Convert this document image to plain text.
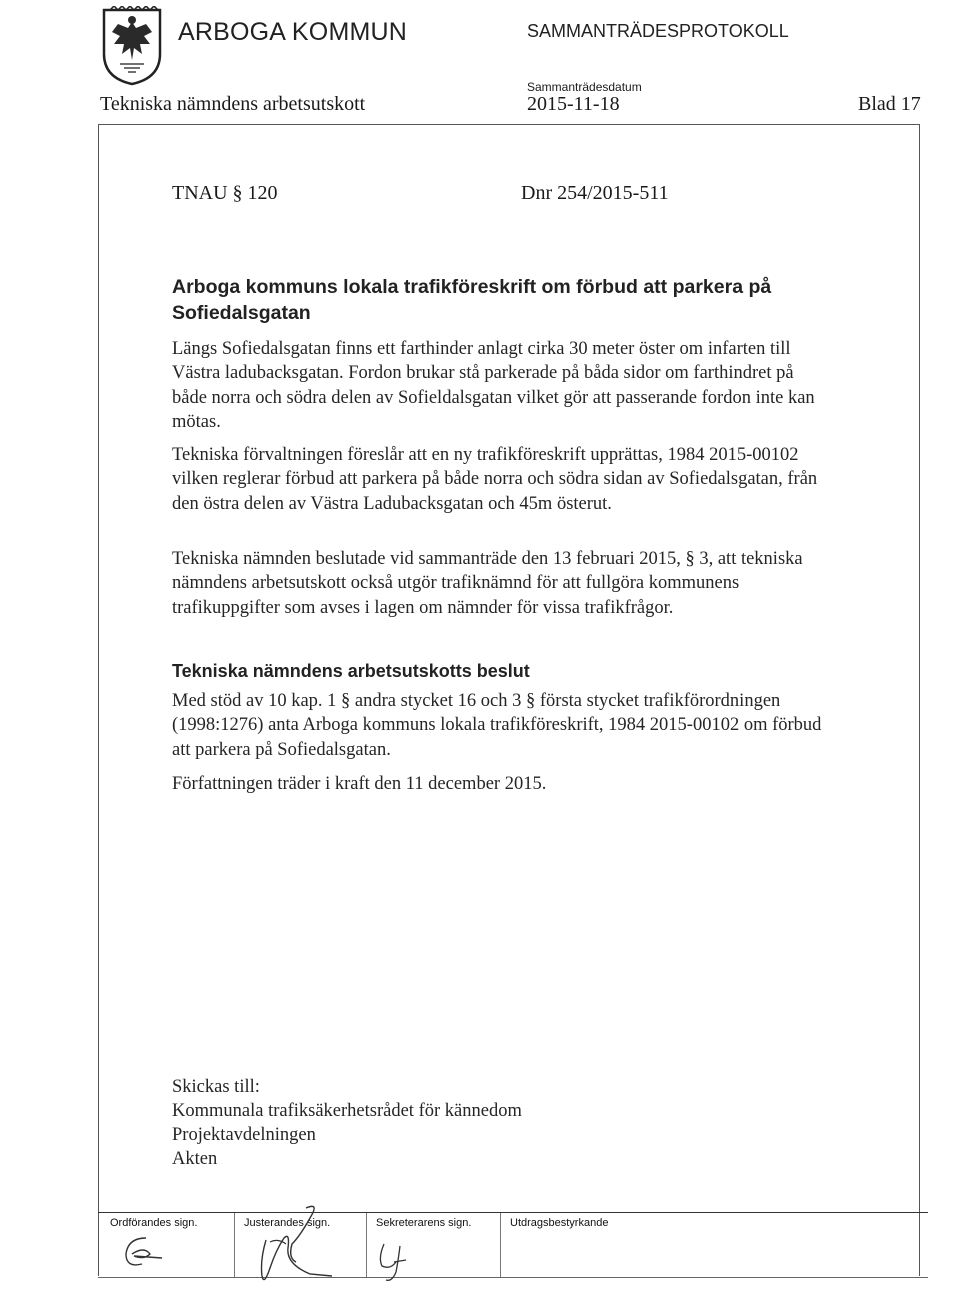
ARBOGA KOMMUN	SAMMANTRÄDESPROTOKOLL
Sammanträdesdatum
Tekniska nämndens arbetsutskott	2015-11-18	Blad 17
TNAU § 120	Dnr 254/2015-511
Arboga kommuns lokala trafikföreskrift om förbud att parkera på Sofiedalsgatan
Längs Sofiedalsgatan finns ett farthinder anlagt cirka 30 meter öster om infarten till Västra ladubacksgatan. Fordon brukar stå parkerade på båda sidor om farthindret på både norra och södra delen av Sofieldalsgatan vilket gör att passerande fordon inte kan mötas.
Tekniska förvaltningen föreslår att en ny trafikföreskrift upprättas, 1984 2015-00102 vilken reglerar förbud att parkera på både norra och södra sidan av Sofiedalsgatan, från den östra delen av Västra Ladubacksgatan och 45m österut.
Tekniska nämnden beslutade vid sammanträde den 13 februari 2015, § 3, att tekniska nämndens arbetsutskott också utgör trafiknämnd för att fullgöra kommunens trafikuppgifter som avses i lagen om nämnder för vissa trafikfrågor.
Tekniska nämndens arbetsutskotts beslut
Med stöd av 10 kap. 1 § andra stycket 16 och 3 § första stycket trafikförordningen (1998:1276) anta Arboga kommuns lokala trafikföreskrift, 1984 2015-00102 om förbud att parkera på Sofiedalsgatan.
Författningen träder i kraft den 11 december 2015.
Skickas till:
Kommunala trafiksäkerhetsrådet för kännedom
Projektavdelningen
Akten
Ordförandes sign.	Justerandes sign.	Sekreterarens sign.	Utdragsbestyrkande
